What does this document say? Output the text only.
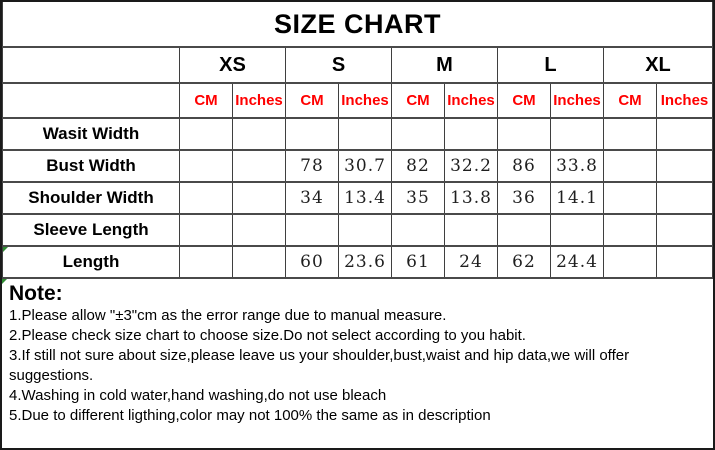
SIZE CHART										
	XS		S		M		L		XL	
	CM	Inches	CM	Inches	CM	Inches	CM	Inches	CM	Inches
Wasit Width										
Bust Width			78	30.7	82	32.2	86	33.8		
Shoulder Width			34	13.4	35	13.8	36	14.1		
Sleeve Length										

Length			60	23.6	61	24	62	24.4		
Note:
1.Please allow "±3"cm as the error range due to manual measure.
2.Please check size chart to choose size.Do not select according to you habit.
3.If still not sure about size,please leave us your shoulder,bust,waist and hip data,we will offer suggestions.
4.Washing in cold water,hand washing,do not use bleach
5.Due to different ligthing,color may not 100% the same as in description
